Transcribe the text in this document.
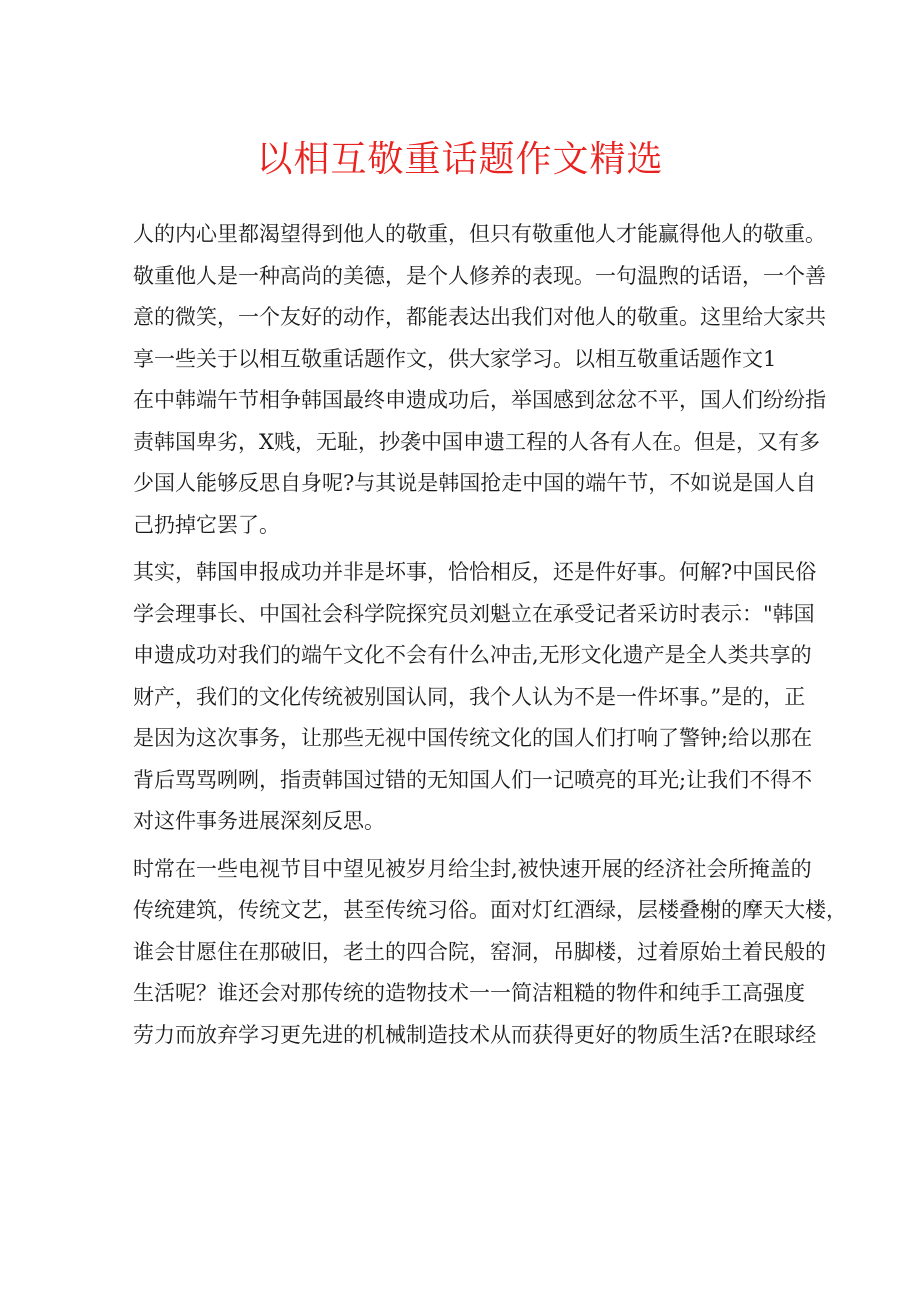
以相互敬重话题作文精选
人的内心里都渴望得到他人的敬重，但只有敬重他人才能赢得他人的敬重。
敬重他人是一种高尚的美德，是个人修养的表现。一句温煦的话语，一个善
意的微笑，一个友好的动作，都能表达出我们对他人的敬重。这里给大家共
享一些关于以相互敬重话题作文，供大家学习。以相互敬重话题作文1
在中韩端午节相争韩国最终申遗成功后，举国感到忿忿不平，国人们纷纷指
责韩国卑劣，X贱，无耻，抄袭中国申遗工程的人各有人在。但是，又有多
少国人能够反思自身呢?与其说是韩国抢走中国的端午节，不如说是国人自
己扔掉它罢了。
其实，韩国申报成功并非是坏事，恰恰相反，还是件好事。何解?中国民俗
学会理事长、中国社会科学院探究员刘魁立在承受记者采访时表示："韩国
申遗成功对我们的端午文化不会有什么冲击,无形文化遗产是全人类共享的
财产，我们的文化传统被别国认同，我个人认为不是一件坏事。”是的，正
是因为这次事务，让那些无视中国传统文化的国人们打响了警钟;给以那在
背后骂骂咧咧，指责韩国过错的无知国人们一记喷亮的耳光;让我们不得不
对这件事务进展深刻反思。
时常在一些电视节目中望见被岁月给尘封,被快速开展的经济社会所掩盖的
传统建筑，传统文艺，甚至传统习俗。面对灯红酒绿，层楼叠榭的摩天大楼，
谁会甘愿住在那破旧，老土的四合院，窑洞，吊脚楼，过着原始土着民般的
生活呢？谁还会对那传统的造物技术一一简洁粗糙的物件和纯手工高强度
劳力而放弃学习更先进的机械制造技术从而获得更好的物质生活?在眼球经
